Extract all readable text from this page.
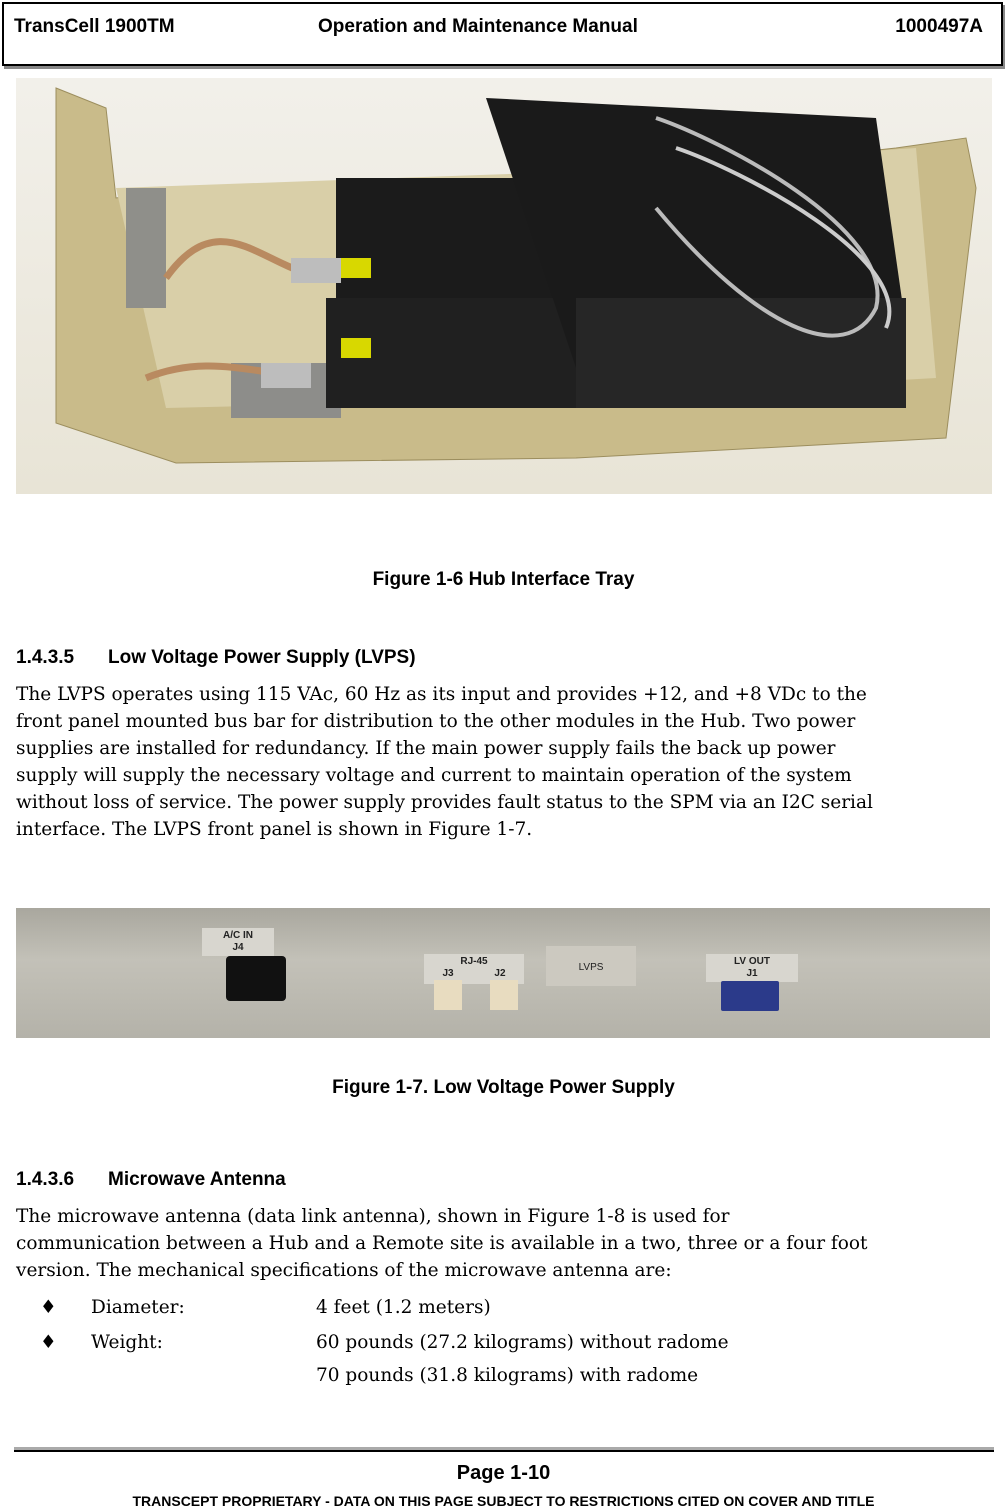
TransCell 1900TM	Operation and Maintenance Manual	1000497A
Figure 1-6 Hub Interface Tray
1.4.3.5 Low Voltage Power Supply (LVPS)
The LVPS operates using 115 VAc, 60 Hz as its input and provides +12, and +8 VDc to the
front panel mounted bus bar for distribution to the other modules in the Hub. Two power
supplies are installed for redundancy. If the main power supply fails the back up power
supply will supply the necessary voltage and current to maintain operation of the system
without loss of service. The power supply provides fault status to the SPM via an I2C serial
interface. The LVPS front panel is shown in Figure 1-7.
A/C IN
J4
RJ-45
J3	J2
LVPS
LV OUT
J1
Figure 1-7. Low Voltage Power Supply
1.4.3.6 Microwave Antenna
The microwave antenna (data link antenna), shown in Figure 1-8 is used for
communication between a Hub and a Remote site is available in a two, three or a four foot
version. The mechanical specifications of the microwave antenna are:
♦ Diameter:	4 feet (1.2 meters)
♦ Weight:	60 pounds (27.2 kilograms) without radome
70 pounds (31.8 kilograms) with radome
Page 1-10
TRANSCEPT PROPRIETARY - DATA ON THIS PAGE SUBJECT TO RESTRICTIONS CITED ON COVER AND TITLE
